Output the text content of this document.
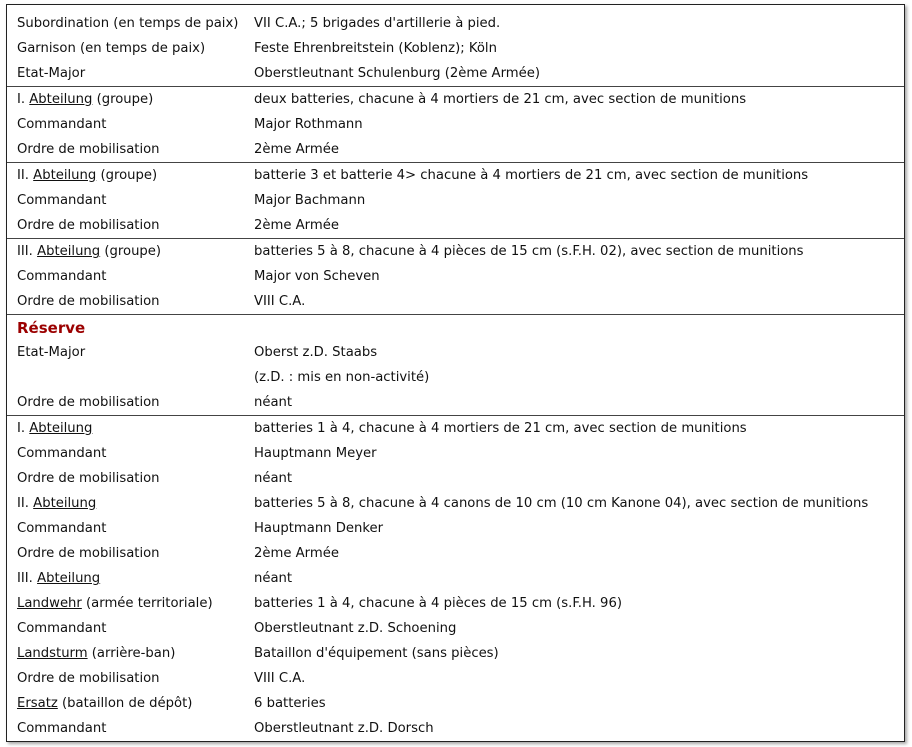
Subordination (en temps de paix)	VII C.A.; 5 brigades d'artillerie à pied.
Garnison (en temps de paix)	Feste Ehrenbreitstein (Koblenz); Köln
Etat-Major	Oberstleutnant Schulenburg (2ème Armée)
I. Abteilung (groupe)	deux batteries, chacune à 4 mortiers de 21 cm, avec section de munitions
Commandant	Major Rothmann
Ordre de mobilisation	2ème Armée
II. Abteilung (groupe)	batterie 3 et batterie 4> chacune à 4 mortiers de 21 cm, avec section de munitions
Commandant	Major Bachmann
Ordre de mobilisation	2ème Armée
III. Abteilung (groupe)	batteries 5 à 8, chacune à 4 pièces de 15 cm (s.F.H. 02), avec section de munitions
Commandant	Major von Scheven
Ordre de mobilisation	VIII C.A.
Réserve
Etat-Major	Oberst z.D. Staabs
(z.D. : mis en non-activité)
Ordre de mobilisation	néant
I. Abteilung	batteries 1 à 4, chacune à 4 mortiers de 21 cm, avec section de munitions
Commandant	Hauptmann Meyer
Ordre de mobilisation	néant
II. Abteilung	batteries 5 à 8, chacune à 4 canons de 10 cm (10 cm Kanone 04), avec section de munitions
Commandant	Hauptmann Denker
Ordre de mobilisation	2ème Armée
III. Abteilung	néant
Landwehr (armée territoriale)	batteries 1 à 4, chacune à 4 pièces de 15 cm (s.F.H. 96)
Commandant	Oberstleutnant z.D. Schoening
Landsturm (arrière-ban)	Bataillon d'équipement (sans pièces)
Ordre de mobilisation	VIII C.A.
Ersatz (bataillon de dépôt)	6 batteries
Commandant	Oberstleutnant z.D. Dorsch
